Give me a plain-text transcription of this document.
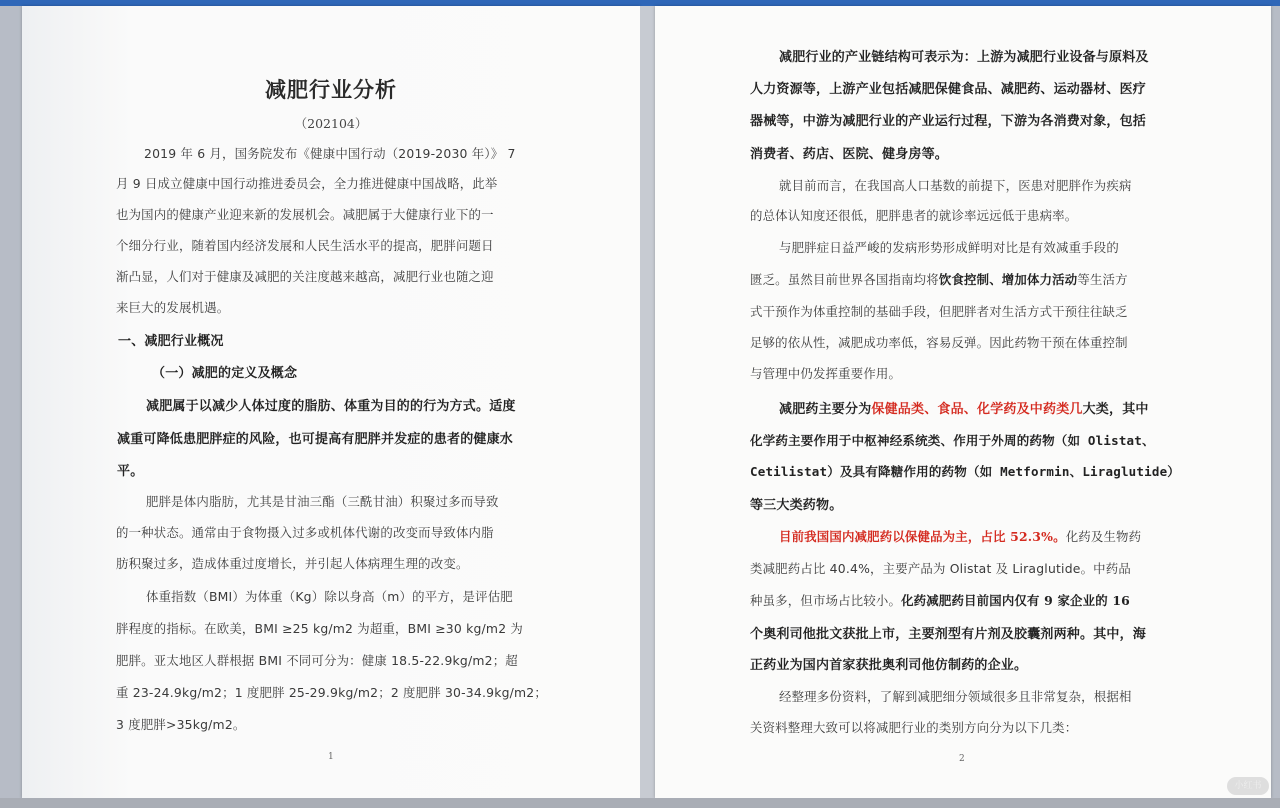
减肥行业分析
（202104）
2019 年 6 月，国务院发布《健康中国行动（2019-2030 年）》 7
月 9 日成立健康中国行动推进委员会，全力推进健康中国战略，此举
也为国内的健康产业迎来新的发展机会。减肥属于大健康行业下的一
个细分行业，随着国内经济发展和人民生活水平的提高，肥胖问题日
渐凸显，人们对于健康及减肥的关注度越来越高，减肥行业也随之迎
来巨大的发展机遇。
一、减肥行业概况
（一）减肥的定义及概念
减肥属于以减少人体过度的脂肪、体重为目的的行为方式。适度
减重可降低患肥胖症的风险，也可提高有肥胖并发症的患者的健康水
平。
肥胖是体内脂肪，尤其是甘油三酯（三酰甘油）积聚过多而导致
的一种状态。通常由于食物摄入过多或机体代谢的改变而导致体内脂
肪积聚过多，造成体重过度增长，并引起人体病理生理的改变。
体重指数（BMI）为体重（Kg）除以身高（m）的平方，是评估肥
胖程度的指标。在欧美，BMI ≥25 kg/m2 为超重，BMI ≥30 kg/m2 为
肥胖。亚太地区人群根据 BMI 不同可分为：健康 18.5-22.9kg/m2；超
重 23-24.9kg/m2；1 度肥胖 25-29.9kg/m2；2 度肥胖 30-34.9kg/m2；
3 度肥胖>35kg/m2。
1
减肥行业的产业链结构可表示为：上游为减肥行业设备与原料及
人力资源等，上游产业包括减肥保健食品、减肥药、运动器材、医疗
器械等，中游为减肥行业的产业运行过程，下游为各消费对象，包括
消费者、药店、医院、健身房等。
就目前而言，在我国高人口基数的前提下，医患对肥胖作为疾病
的总体认知度还很低，肥胖患者的就诊率远远低于患病率。
与肥胖症日益严峻的发病形势形成鲜明对比是有效减重手段的
匮乏。虽然目前世界各国指南均将饮食控制、增加体力活动等生活方
式干预作为体重控制的基础手段，但肥胖者对生活方式干预往往缺乏
足够的依从性，减肥成功率低，容易反弹。因此药物干预在体重控制
与管理中仍发挥重要作用。
减肥药主要分为保健品类、食品、化学药及中药类几大类，其中
化学药主要作用于中枢神经系统类、作用于外周的药物（如 Olistat、
Cetilistat）及具有降糖作用的药物（如 Metformin、Liraglutide）
等三大类药物。
目前我国国内减肥药以保健品为主，占比 52.3%。化药及生物药
类减肥药占比 40.4%，主要产品为 Olistat 及 Liraglutide。中药品
种虽多，但市场占比较小。化药减肥药目前国内仅有 9 家企业的 16
个奥利司他批文获批上市，主要剂型有片剂及胶囊剂两种。其中，海
正药业为国内首家获批奥利司他仿制药的企业。
经整理多份资料，了解到减肥细分领域很多且非常复杂，根据相
关资料整理大致可以将减肥行业的类别方向分为以下几类：
2
小红书
